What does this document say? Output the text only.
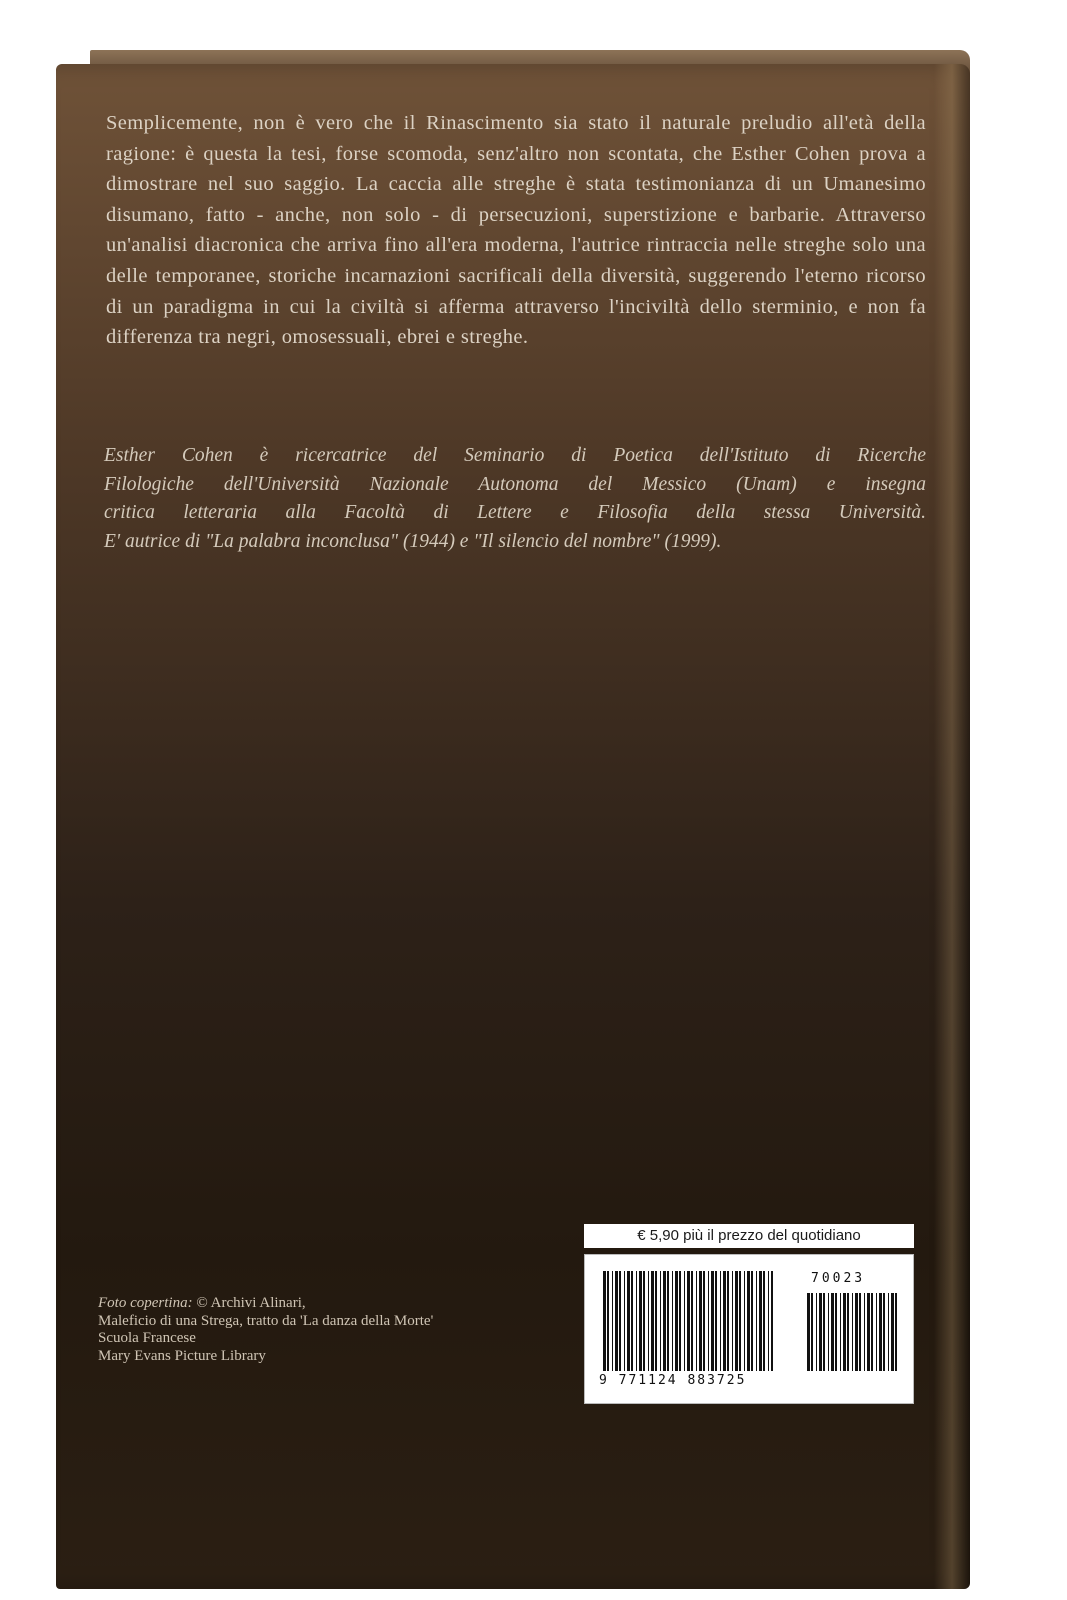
Semplicemente, non è vero che il Rinascimento sia stato il naturale preludio all'età della ragione: è questa la tesi, forse scomoda, senz'altro non scontata, che Esther Cohen prova a dimostrare nel suo saggio. La caccia alle streghe è stata testimonianza di un Umanesimo disumano, fatto - anche, non solo - di persecuzioni, superstizione e barbarie. Attraverso un'analisi diacronica che arriva fino all'era moderna, l'autrice rintraccia nelle streghe solo una delle temporanee, storiche incarnazioni sacrificali della diversità, suggerendo l'eterno ricorso di un paradigma in cui la civiltà si afferma attraverso l'inciviltà dello sterminio, e non fa differenza tra negri, omosessuali, ebrei e streghe.

Esther Cohen è ricercatrice del Seminario di Poetica dell'Istituto di Ricerche
Filologiche dell'Università Nazionale Autonoma del Messico (Unam) e insegna
critica letteraria alla Facoltà di Lettere e Filosofia della stessa Università.
E' autrice di "La palabra inconclusa" (1944) e "Il silencio del nombre" (1999).
Foto copertina: © Archivi Alinari,
Maleficio di una Strega, tratto da 'La danza della Morte'
Scuola Francese
Mary Evans Picture Library
€ 5,90 più il prezzo del quotidiano
70023
9 771124 883725
